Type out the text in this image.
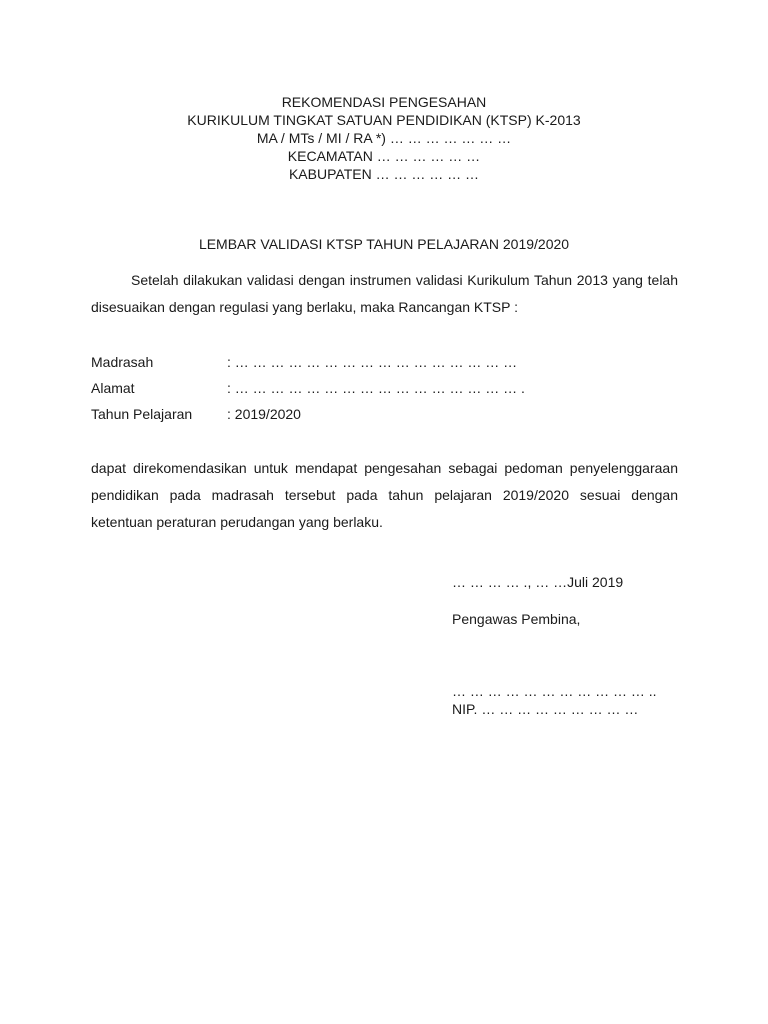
REKOMENDASI PENGESAHAN
KURIKULUM TINGKAT SATUAN PENDIDIKAN (KTSP) K-2013
MA / MTs / MI / RA *) … … … … … … …
KECAMATAN … … … … … …
KABUPATEN … … … … … …
LEMBAR VALIDASI KTSP TAHUN PELAJARAN 2019/2020
Setelah dilakukan validasi dengan instrumen validasi Kurikulum Tahun 2013 yang telah disesuaikan dengan regulasi yang berlaku, maka Rancangan KTSP :
Madrasah	: … … … … … … … … … … … … … … … …
Alamat	: … … … … … … … … … … … … … … … … .
Tahun Pelajaran	: 2019/2020
dapat direkomendasikan untuk mendapat pengesahan sebagai pedoman penyelenggaraan pendidikan pada madrasah tersebut pada tahun pelajaran 2019/2020 sesuai dengan ketentuan peraturan perudangan yang berlaku.
… … … … ., … …Juli 2019
Pengawas Pembina,
… … … … … … … … … … … ..
NIP. … … … … … … … … …
